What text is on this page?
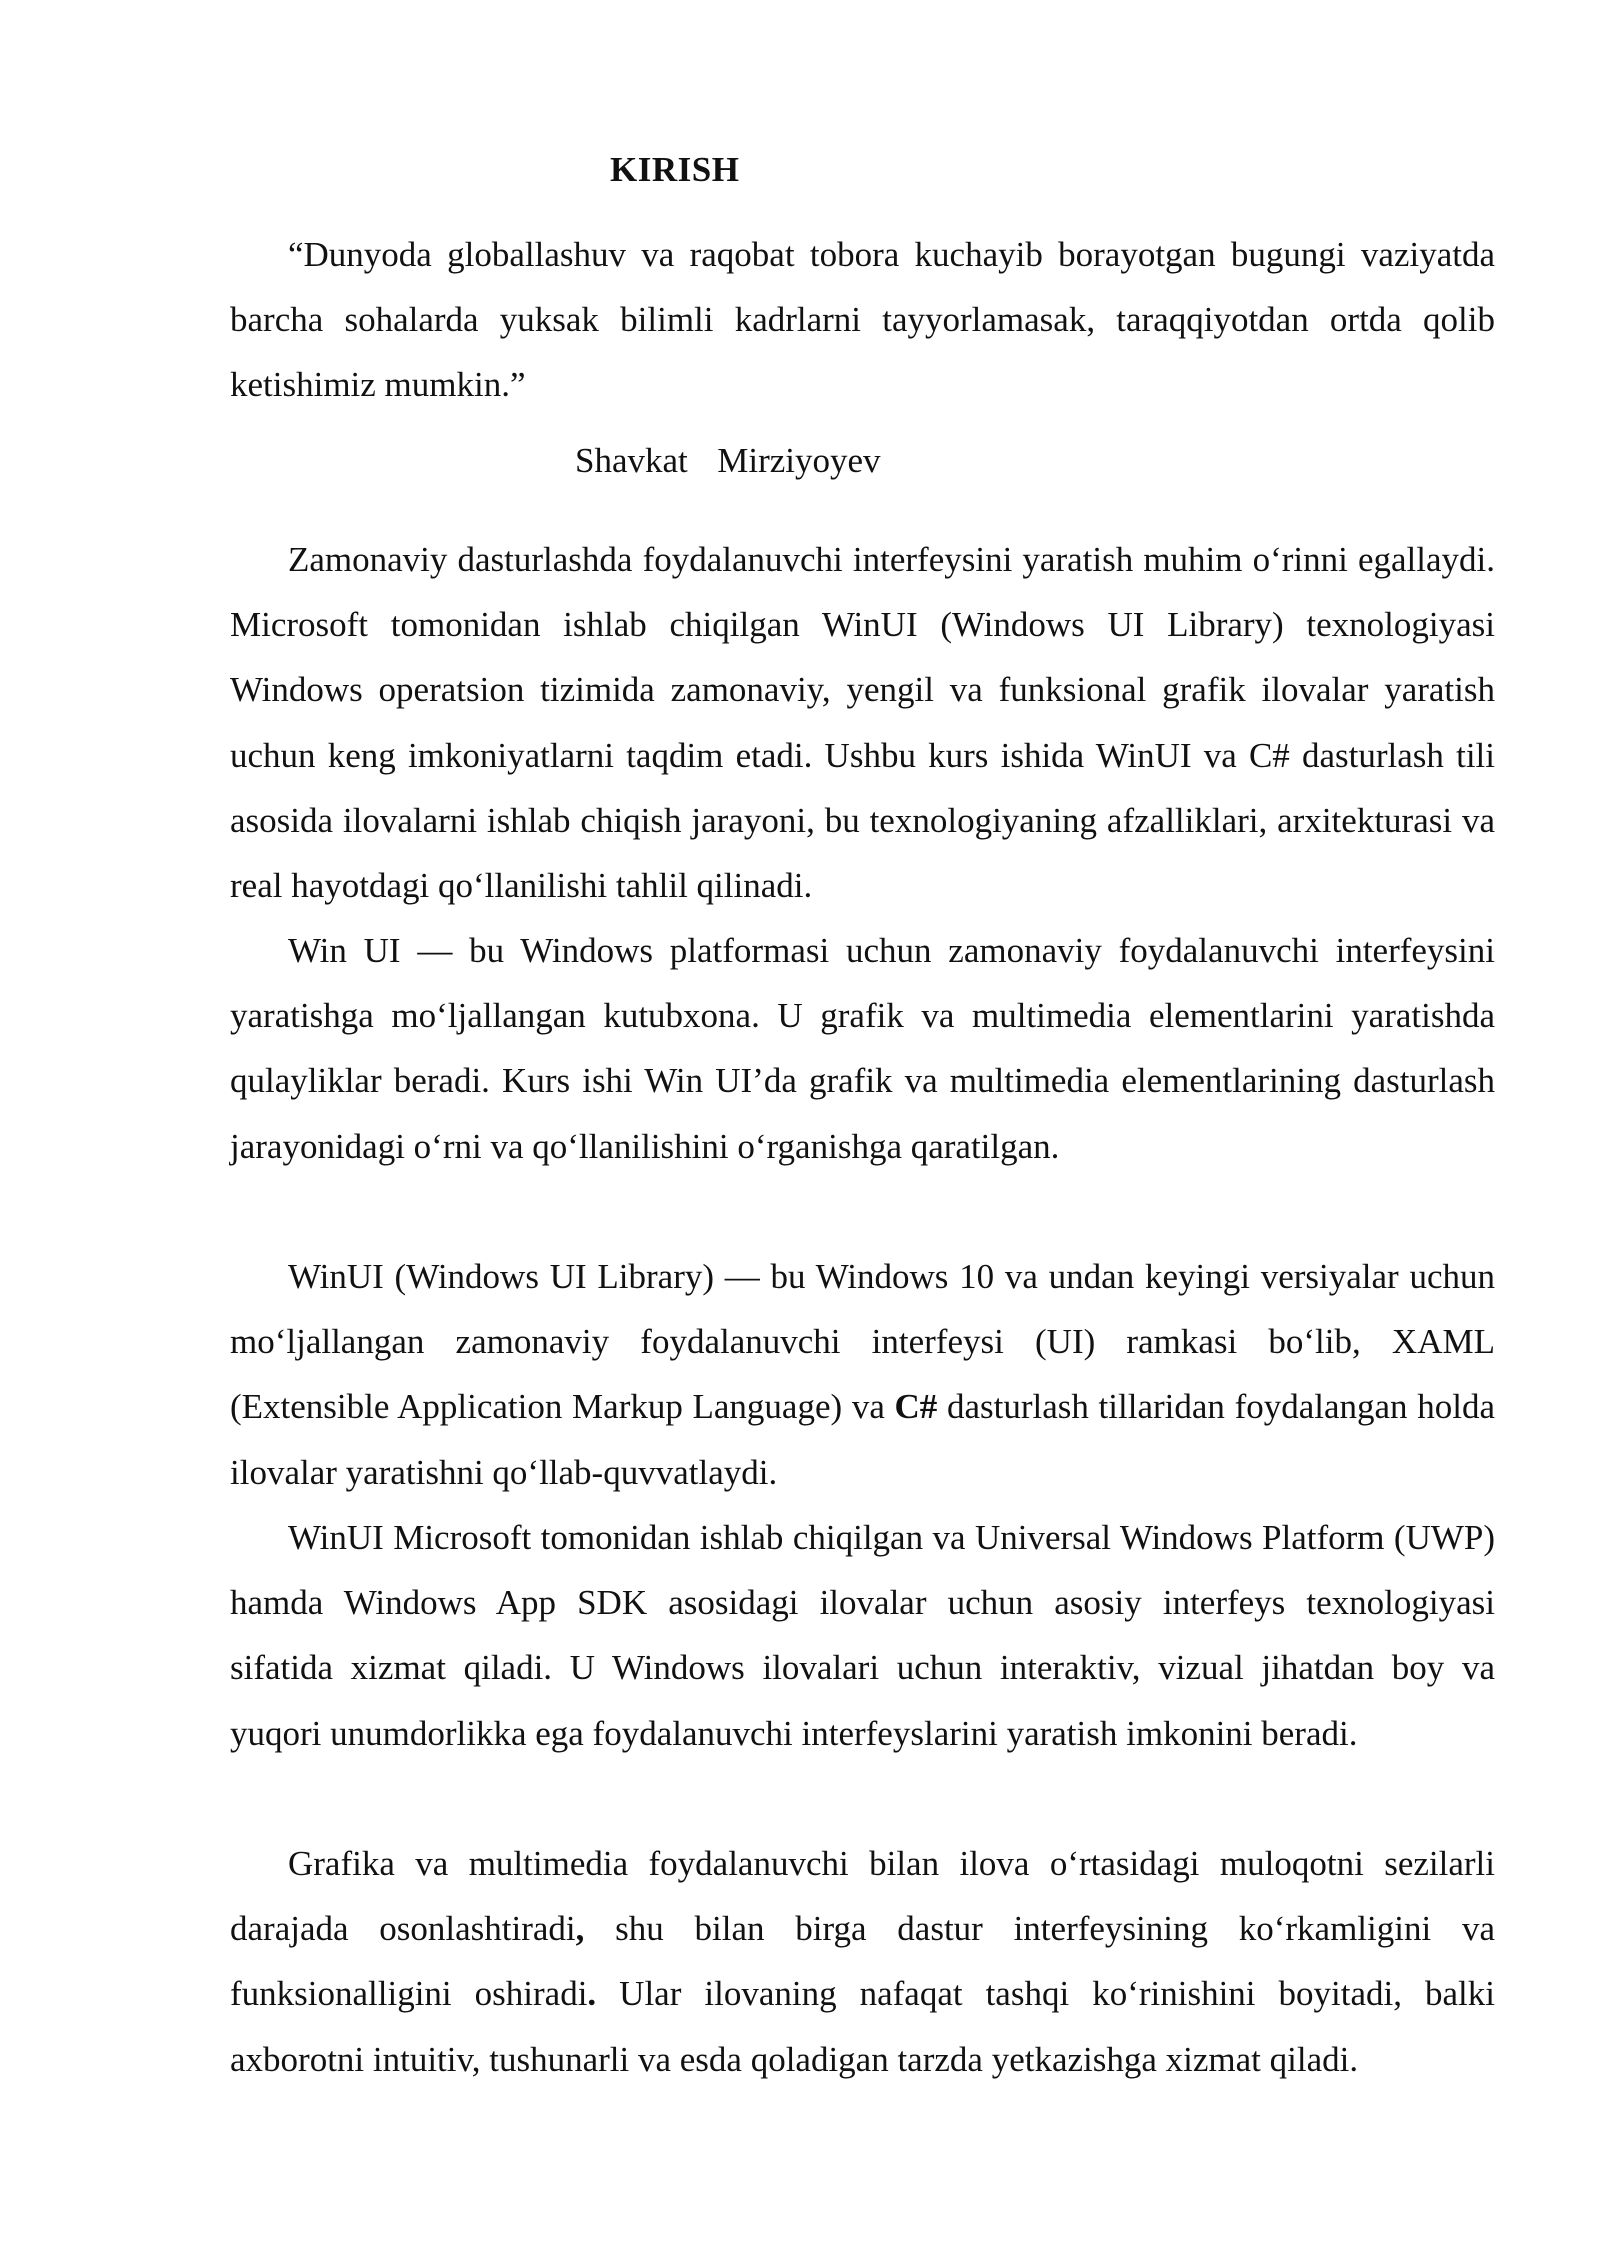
KIRISH

“Dunyoda globallashuv va raqobat tobora kuchayib borayotgan bugungi vaziyatda barcha sohalarda yuksak bilimli kadrlarni tayyorlamasak, taraqqiyotdan ortda qolib ketishimiz mumkin.”

Shavkat  Mirziyoyev

Zamonaviy dasturlashda foydalanuvchi interfeysini yaratish muhim o‘rinni egallaydi. Microsoft tomonidan ishlab chiqilgan WinUI (Windows UI Library) texnologiyasi Windows operatsion tizimida zamonaviy, yengil va funksional grafik ilovalar yaratish uchun keng imkoniyatlarni taqdim etadi. Ushbu kurs ishida WinUI va C# dasturlash tili asosida ilovalarni ishlab chiqish jarayoni, bu texnologiyaning afzalliklari, arxitekturasi va real hayotdagi qo‘llanilishi tahlil qilinadi.

Win UI — bu Windows platformasi uchun zamonaviy foydalanuvchi interfeysini yaratishga mo‘ljallangan kutubxona. U grafik va multimedia elementlarini yaratishda qulayliklar beradi. Kurs ishi Win UI’da grafik va multimedia elementlarining dasturlash jarayonidagi o‘rni va qo‘llanilishini o‘rganishga qaratilgan.

WinUI (Windows UI Library) — bu Windows 10 va undan keyingi versiyalar uchun mo‘ljallangan zamonaviy foydalanuvchi interfeysi (UI) ramkasi bo‘lib, XAML (Extensible Application Markup Language) va C# dasturlash tillaridan foydalangan holda ilovalar yaratishni qo‘llab-quvvatlaydi.

WinUI Microsoft tomonidan ishlab chiqilgan va Universal Windows Platform (UWP) hamda Windows App SDK asosidagi ilovalar uchun asosiy interfeys texnologiyasi sifatida xizmat qiladi. U Windows ilovalari uchun interaktiv, vizual jihatdan boy va yuqori unumdorlikka ega foydalanuvchi interfeyslarini yaratish imkonini beradi.

Grafika va multimedia foydalanuvchi bilan ilova o‘rtasidagi muloqotni sezilarli darajada osonlashtiradi, shu bilan birga dastur interfeysining ko‘rkamligini va funksionalligini oshiradi. Ular ilovaning nafaqat tashqi ko‘rinishini boyitadi, balki axborotni intuitiv, tushunarli va esda qoladigan tarzda yetkazishga xizmat qiladi.
